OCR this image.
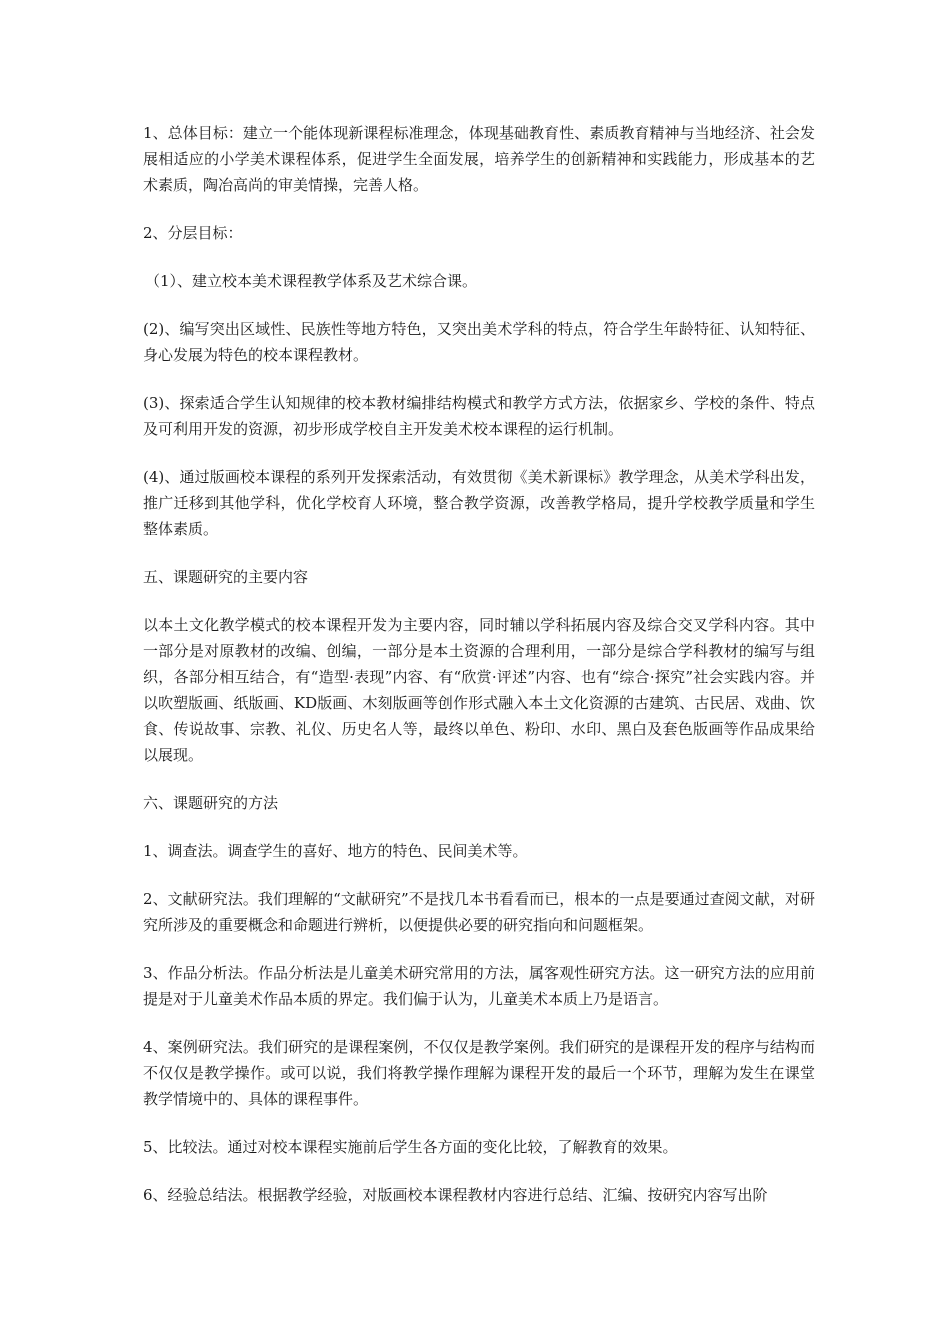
1、总体目标：建立一个能体现新课程标准理念，体现基础教育性、素质教育精神与当地经济、社会发展相适应的小学美术课程体系，促进学生全面发展，培养学生的创新精神和实践能力，形成基本的艺术素质，陶冶高尚的审美情操，完善人格。

2、分层目标：

（1）、建立校本美术课程教学体系及艺术综合课。

(2)、编写突出区域性、民族性等地方特色，又突出美术学科的特点，符合学生年龄特征、认知特征、身心发展为特色的校本课程教材。

(3)、探索适合学生认知规律的校本教材编排结构模式和教学方式方法，依据家乡、学校的条件、特点及可利用开发的资源，初步形成学校自主开发美术校本课程的运行机制。

(4)、通过版画校本课程的系列开发探索活动，有效贯彻《美术新课标》教学理念，从美术学科出发，推广迁移到其他学科，优化学校育人环境，整合教学资源，改善教学格局，提升学校教学质量和学生整体素质。

五、课题研究的主要内容

以本土文化教学模式的校本课程开发为主要内容，同时辅以学科拓展内容及综合交叉学科内容。其中一部分是对原教材的改编、创编，一部分是本土资源的合理利用，一部分是综合学科教材的编写与组织，各部分相互结合，有“造型·表现”内容、有“欣赏·评述”内容、也有“综合·探究”社会实践内容。并以吹塑版画、纸版画、KD版画、木刻版画等创作形式融入本土文化资源的古建筑、古民居、戏曲、饮食、传说故事、宗教、礼仪、历史名人等，最终以单色、粉印、水印、黑白及套色版画等作品成果给以展现。

六、课题研究的方法

1、调查法。调查学生的喜好、地方的特色、民间美术等。

2、文献研究法。我们理解的“文献研究”不是找几本书看看而已，根本的一点是要通过查阅文献，对研究所涉及的重要概念和命题进行辨析，以便提供必要的研究指向和问题框架。

3、作品分析法。作品分析法是儿童美术研究常用的方法，属客观性研究方法。这一研究方法的应用前提是对于儿童美术作品本质的界定。我们偏于认为，儿童美术本质上乃是语言。

4、案例研究法。我们研究的是课程案例，不仅仅是教学案例。我们研究的是课程开发的程序与结构而不仅仅是教学操作。或可以说，我们将教学操作理解为课程开发的最后一个环节，理解为发生在课堂教学情境中的、具体的课程事件。

5、比较法。通过对校本课程实施前后学生各方面的变化比较，了解教育的效果。

6、经验总结法。根据教学经验，对版画校本课程教材内容进行总结、汇编、按研究内容写出阶
